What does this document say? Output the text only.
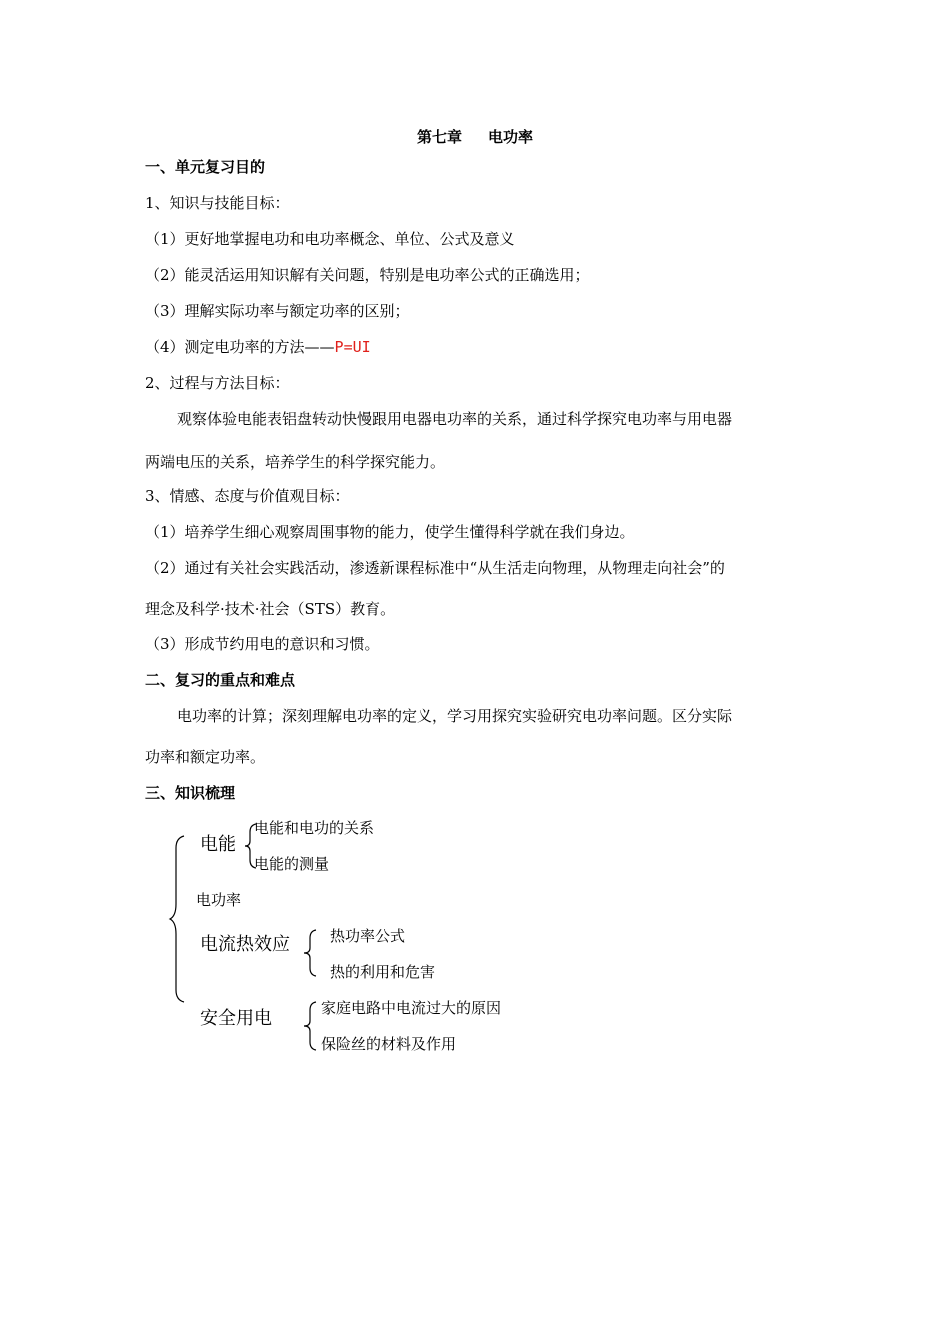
第七章 电功率
一、单元复习目的
1、知识与技能目标：
（1）更好地掌握电功和电功率概念、单位、公式及意义
（2）能灵活运用知识解有关问题，特别是电功率公式的正确选用；
（3）理解实际功率与额定功率的区别；
（4）测定电功率的方法——P=UI
2、过程与方法目标：
观察体验电能表铝盘转动快慢跟用电器电功率的关系，通过科学探究电功率与用电器
两端电压的关系，培养学生的科学探究能力。
3、情感、态度与价值观目标：
（1）培养学生细心观察周围事物的能力，使学生懂得科学就在我们身边。
（2）通过有关社会实践活动，渗透新课程标准中“从生活走向物理，从物理走向社会”的
理念及科学·技术·社会（STS）教育。
（3）形成节约用电的意识和习惯。
二、复习的重点和难点
电功率的计算；深刻理解电功率的定义，学习用探究实验研究电功率问题。区分实际
功率和额定功率。
三、知识梳理
电能
电能和电功的关系
电能的测量
电功率
电流热效应	热功率公式
热的利用和危害
安全用电	家庭电路中电流过大的原因
保险丝的材料及作用
